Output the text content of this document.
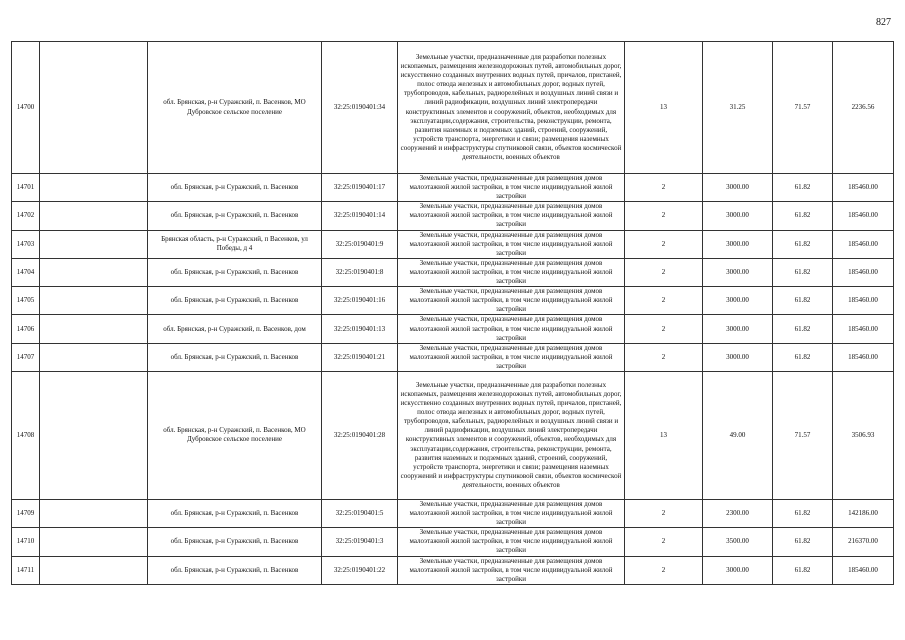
827
14700		обл. Брянская, р-н Суражский, п. Васенков, МО Дубровское сельское поселение	32:25:0190401:34	Земельные участки, предназначенные для разработки полезных ископаемых, размещения железнодорожных путей, автомобильных дорог, искусственно созданных внутренних водных путей, причалов, пристаней, полос отвода железных и автомобильных дорог, водных путей, трубопроводов, кабельных, радиорелейных и воздушных линий связи и линий радиофикации, воздушных линий электропередачи конструктивных элементов и сооружений, объектов, необходимых для эксплуатации,содержания, строительства, реконструкции, ремонта, развития наземных и подземных зданий, строений, сооружений, устройств транспорта, энергетики и связи; размещения наземных сооружений и инфраструктуры спутниковой связи, объектов космической деятельности, военных объектов	13	31.25	71.57	2236.56
14701		обл. Брянская, р-н Суражский, п. Васенков	32:25:0190401:17	Земельные участки, предназначенные для размещения домов малоэтажной жилой застройки, в том числе индивидуальной жилой застройки	2	3000.00	61.82	185460.00
14702		обл. Брянская, р-н Суражский, п. Васенков	32:25:0190401:14	Земельные участки, предназначенные для размещения домов малоэтажной жилой застройки, в том числе индивидуальной жилой застройки	2	3000.00	61.82	185460.00
14703		Брянская область, р-н Суражский, п Васенков, ул Победы, д 4	32:25:0190401:9	Земельные участки, предназначенные для размещения домов малоэтажной жилой застройки, в том числе индивидуальной жилой застройки	2	3000.00	61.82	185460.00
14704		обл. Брянская, р-н Суражский, п. Васенков	32:25:0190401:8	Земельные участки, предназначенные для размещения домов малоэтажной жилой застройки, в том числе индивидуальной жилой застройки	2	3000.00	61.82	185460.00
14705		обл. Брянская, р-н Суражский, п. Васенков	32:25:0190401:16	Земельные участки, предназначенные для размещения домов малоэтажной жилой застройки, в том числе индивидуальной жилой застройки	2	3000.00	61.82	185460.00
14706		обл. Брянская, р-н Суражский, п. Васенков, дом	32:25:0190401:13	Земельные участки, предназначенные для размещения домов малоэтажной жилой застройки, в том числе индивидуальной жилой застройки	2	3000.00	61.82	185460.00
14707		обл. Брянская, р-н Суражский, п. Васенков	32:25:0190401:21	Земельные участки, предназначенные для размещения домов малоэтажной жилой застройки, в том числе индивидуальной жилой застройки	2	3000.00	61.82	185460.00
14708		обл. Брянская, р-н Суражский, п. Васенков, МО Дубровское сельское поселение	32:25:0190401:28	Земельные участки, предназначенные для разработки полезных ископаемых, размещения железнодорожных путей, автомобильных дорог, искусственно созданных внутренних водных путей, причалов, пристаней, полос отвода железных и автомобильных дорог, водных путей, трубопроводов, кабельных, радиорелейных и воздушных линий связи и линий радиофикации, воздушных линий электропередачи конструктивных элементов и сооружений, объектов, необходимых для эксплуатации,содержания, строительства, реконструкции, ремонта, развития наземных и подземных зданий, строений, сооружений, устройств транспорта, энергетики и связи; размещения наземных сооружений и инфраструктуры спутниковой связи, объектов космической деятельности, военных объектов	13	49.00	71.57	3506.93
14709		обл. Брянская, р-н Суражский, п. Васенков	32:25:0190401:5	Земельные участки, предназначенные для размещения домов малоэтажной жилой застройки, в том числе индивидуальной жилой застройки	2	2300.00	61.82	142186.00
14710		обл. Брянская, р-н Суражский, п. Васенков	32:25:0190401:3	Земельные участки, предназначенные для размещения домов малоэтажной жилой застройки, в том числе индивидуальной жилой застройки	2	3500.00	61.82	216370.00
14711		обл. Брянская, р-н Суражский, п. Васенков	32:25:0190401:22	Земельные участки, предназначенные для размещения домов малоэтажной жилой застройки, в том числе индивидуальной жилой застройки	2	3000.00	61.82	185460.00
